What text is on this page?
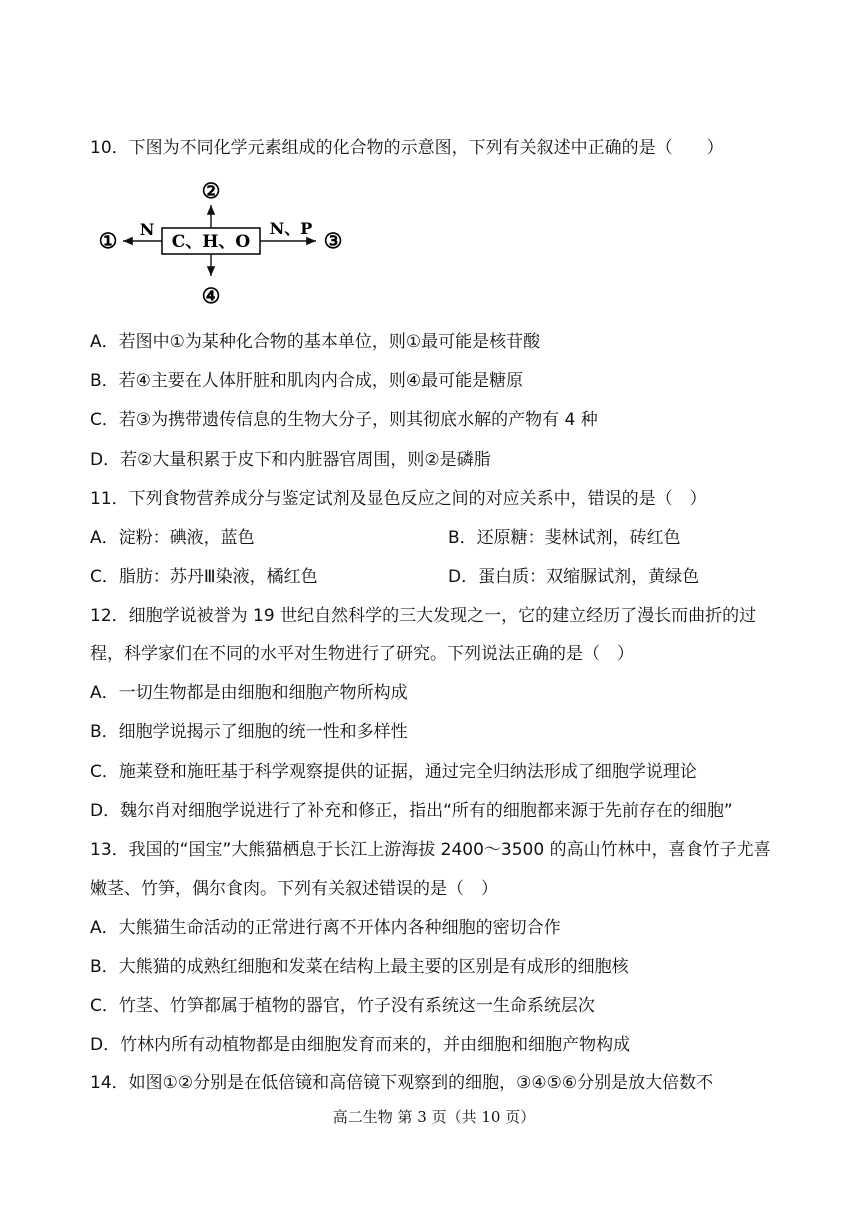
10．下图为不同化学元素组成的化合物的示意图，下列有关叙述中正确的是（　　）
C、H、O
②
④
N
①	N、P ③
A．若图中①为某种化合物的基本单位，则①最可能是核苷酸
B．若④主要在人体肝脏和肌肉内合成，则④最可能是糖原
C．若③为携带遗传信息的生物大分子，则其彻底水解的产物有 4 种
D．若②大量积累于皮下和内脏器官周围，则②是磷脂
11．下列食物营养成分与鉴定试剂及显色反应之间的对应关系中，错误的是（　）
A．淀粉：碘液，蓝色	B．还原糖：斐林试剂，砖红色
C．脂肪：苏丹Ⅲ染液，橘红色	D．蛋白质：双缩脲试剂，黄绿色
12．细胞学说被誉为 19 世纪自然科学的三大发现之一，它的建立经历了漫长而曲折的过
程，科学家们在不同的水平对生物进行了研究。下列说法正确的是（　）
A．一切生物都是由细胞和细胞产物所构成
B．细胞学说揭示了细胞的统一性和多样性
C．施莱登和施旺基于科学观察提供的证据，通过完全归纳法形成了细胞学说理论
D．魏尔肖对细胞学说进行了补充和修正，指出“所有的细胞都来源于先前存在的细胞”
13．我国的“国宝”大熊猫栖息于长江上游海拔 2400～3500 的高山竹林中，喜食竹子尤喜
嫩茎、竹笋，偶尔食肉。下列有关叙述错误的是（　）
A．大熊猫生命活动的正常进行离不开体内各种细胞的密切合作
B．大熊猫的成熟红细胞和发菜在结构上最主要的区别是有成形的细胞核
C．竹茎、竹笋都属于植物的器官，竹子没有系统这一生命系统层次
D．竹林内所有动植物都是由细胞发育而来的，并由细胞和细胞产物构成
14．如图①②分别是在低倍镜和高倍镜下观察到的细胞，③④⑤⑥分别是放大倍数不
高二生物 第 3 页（共 10 页）
